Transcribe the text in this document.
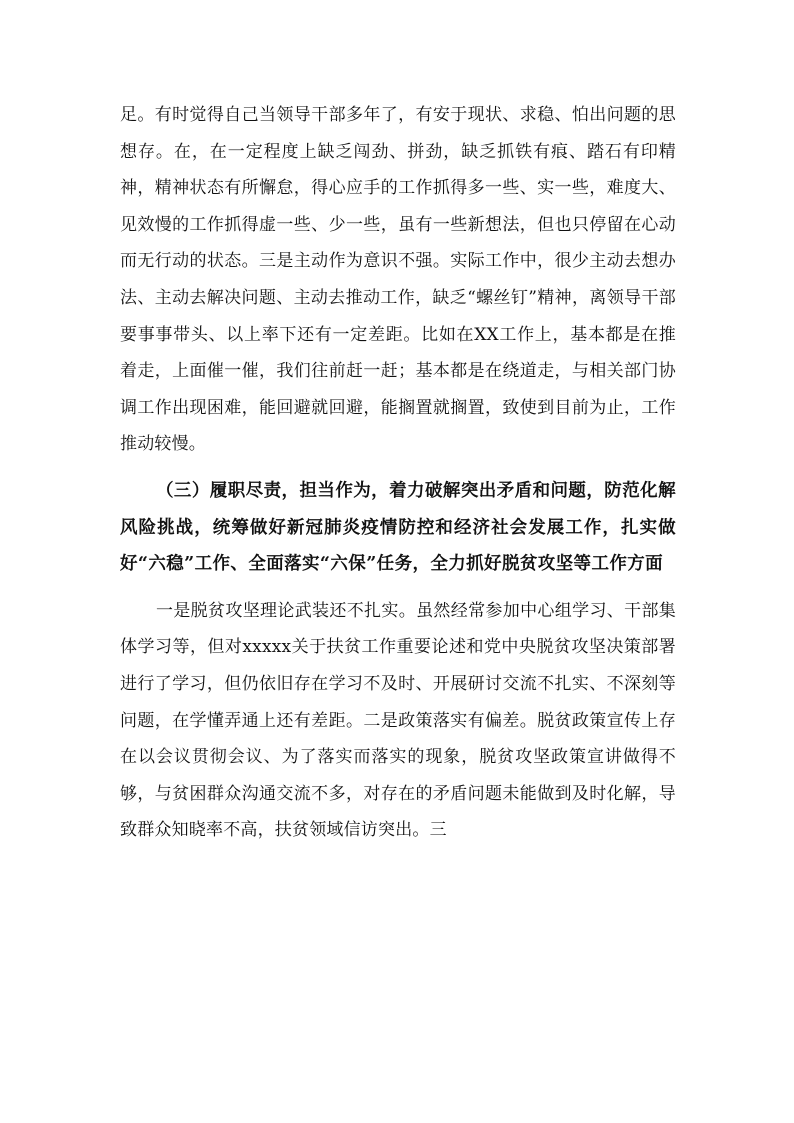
足。有时觉得自己当领导干部多年了，有安于现状、求稳、怕出问题的思想存。在，在一定程度上缺乏闯劲、拼劲，缺乏抓铁有痕、踏石有印精神，精神状态有所懈怠，得心应手的工作抓得多一些、实一些，难度大、见效慢的工作抓得虚一些、少一些，虽有一些新想法，但也只停留在心动而无行动的状态。三是主动作为意识不强。实际工作中，很少主动去想办法、主动去解决问题、主动去推动工作，缺乏“螺丝钉”精神，离领导干部要事事带头、以上率下还有一定差距。比如在XX工作上，基本都是在推着走，上面催一催，我们往前赶一赶；基本都是在绕道走，与相关部门协调工作出现困难，能回避就回避，能搁置就搁置，致使到目前为止，工作推动较慢。

（三）履职尽责，担当作为，着力破解突出矛盾和问题，防范化解风险挑战，统筹做好新冠肺炎疫情防控和经济社会发展工作，扎实做好“六稳”工作、全面落实“六保”任务，全力抓好脱贫攻坚等工作方面

一是脱贫攻坚理论武装还不扎实。虽然经常参加中心组学习、干部集体学习等，但对xxxxx关于扶贫工作重要论述和党中央脱贫攻坚决策部署进行了学习，但仍依旧存在学习不及时、开展研讨交流不扎实、不深刻等问题，在学懂弄通上还有差距。二是政策落实有偏差。脱贫政策宣传上存在以会议贯彻会议、为了落实而落实的现象，脱贫攻坚政策宣讲做得不够，与贫困群众沟通交流不多，对存在的矛盾问题未能做到及时化解，导致群众知晓率不高，扶贫领域信访突出。三
